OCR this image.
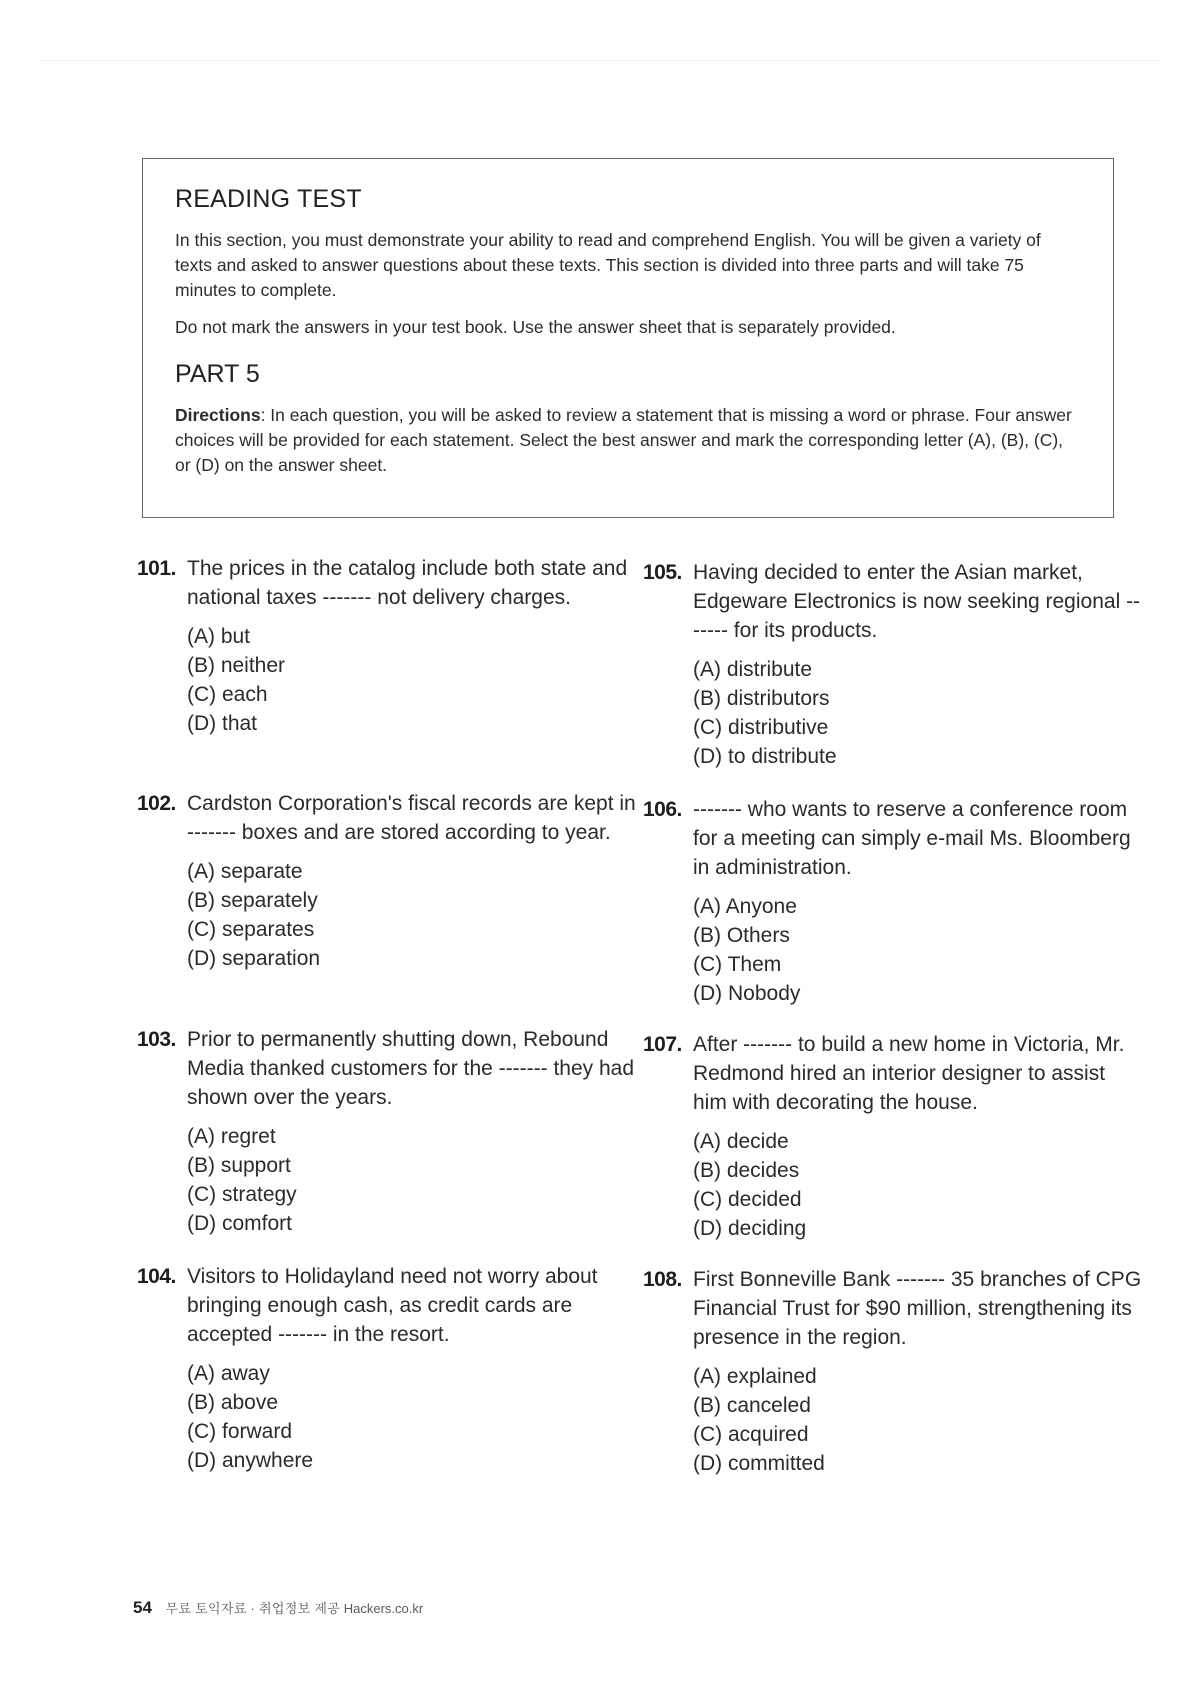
READING TEST

In this section, you must demonstrate your ability to read and comprehend English. You will be given a variety of texts and asked to answer questions about these texts. This section is divided into three parts and will take 75 minutes to complete.

Do not mark the answers in your test book. Use the answer sheet that is separately provided.

PART 5

Directions: In each question, you will be asked to review a statement that is missing a word or phrase. Four answer choices will be provided for each statement. Select the best answer and mark the corresponding letter (A), (B), (C), or (D) on the answer sheet.

101. The prices in the catalog include both state and national taxes ------- not delivery charges.
(A) but
(B) neither
(C) each
(D) that
102. Cardston Corporation's fiscal records are kept in ------- boxes and are stored according to year.
(A) separate
(B) separately
(C) separates
(D) separation
103. Prior to permanently shutting down, Rebound Media thanked customers for the ------- they had shown over the years.
(A) regret
(B) support
(C) strategy
(D) comfort
104. Visitors to Holidayland need not worry about bringing enough cash, as credit cards are accepted ------- in the resort.
(A) away
(B) above
(C) forward
(D) anywhere
105. Having decided to enter the Asian market, Edgeware Electronics is now seeking regional ------- for its products.
(A) distribute
(B) distributors
(C) distributive
(D) to distribute
106. ------- who wants to reserve a conference room for a meeting can simply e-mail Ms. Bloomberg in administration.
(A) Anyone
(B) Others
(C) Them
(D) Nobody
107. After ------- to build a new home in Victoria, Mr. Redmond hired an interior designer to assist him with decorating the house.
(A) decide
(B) decides
(C) decided
(D) deciding
108. First Bonneville Bank ------- 35 branches of CPG Financial Trust for $90 million, strengthening its presence in the region.
(A) explained
(B) canceled
(C) acquired
(D) committed
54 무료 토익자료 · 취업정보 제공 Hackers.co.kr
